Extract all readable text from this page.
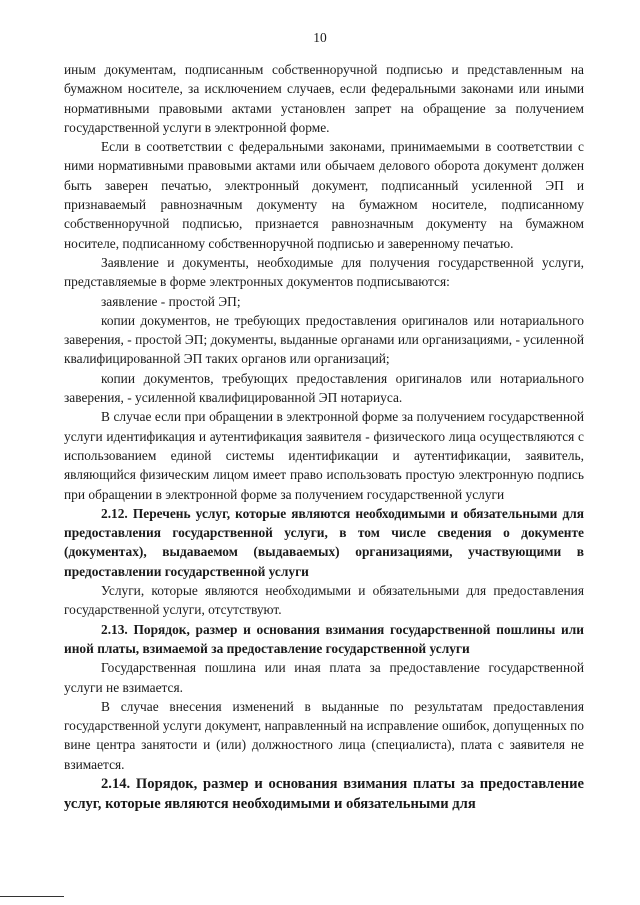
10

иным документам, подписанным собственноручной подписью и представленным на бумажном носителе, за исключением случаев, если федеральными законами или иными нормативными правовыми актами установлен запрет на обращение за получением государственной услуги в электронной форме.

Если в соответствии с федеральными законами, принимаемыми в соответствии с ними нормативными правовыми актами или обычаем делового оборота документ должен быть заверен печатью, электронный документ, подписанный усиленной ЭП и признаваемый равнозначным документу на бумажном носителе, подписанному собственноручной подписью, признается равнозначным документу на бумажном носителе, подписанному собственноручной подписью и заверенному печатью.

Заявление и документы, необходимые для получения государственной услуги, представляемые в форме электронных документов подписываются:

заявление - простой ЭП;

копии документов, не требующих предоставления оригиналов или нотариального заверения, - простой ЭП; документы, выданные органами или организациями, - усиленной квалифицированной ЭП таких органов или организаций;

копии документов, требующих предоставления оригиналов или нотариального заверения, - усиленной квалифицированной ЭП нотариуса.

В случае если при обращении в электронной форме за получением государственной услуги идентификация и аутентификация заявителя - физического лица осуществляются с использованием единой системы идентификации и аутентификации, заявитель, являющийся физическим лицом имеет право использовать простую электронную подпись при обращении в электронной форме за получением государственной услуги

2.12. Перечень услуг, которые являются необходимыми и обязательными для предоставления государственной услуги, в том числе сведения о документе (документах), выдаваемом (выдаваемых) организациями, участвующими в предоставлении государственной услуги

Услуги, которые являются необходимыми и обязательными для предоставления государственной услуги, отсутствуют.

2.13. Порядок, размер и основания взимания государственной пошлины или иной платы, взимаемой за предоставление государственной услуги

Государственная пошлина или иная плата за предоставление государственной услуги не взимается.

В случае внесения изменений в выданные по результатам предоставления государственной услуги документ, направленный на исправление ошибок, допущенных по вине центра занятости и (или) должностного лица (специалиста), плата с заявителя не взимается.

2.14. Порядок, размер и основания взимания платы за предоставление услуг, которые являются необходимыми и обязательными для
